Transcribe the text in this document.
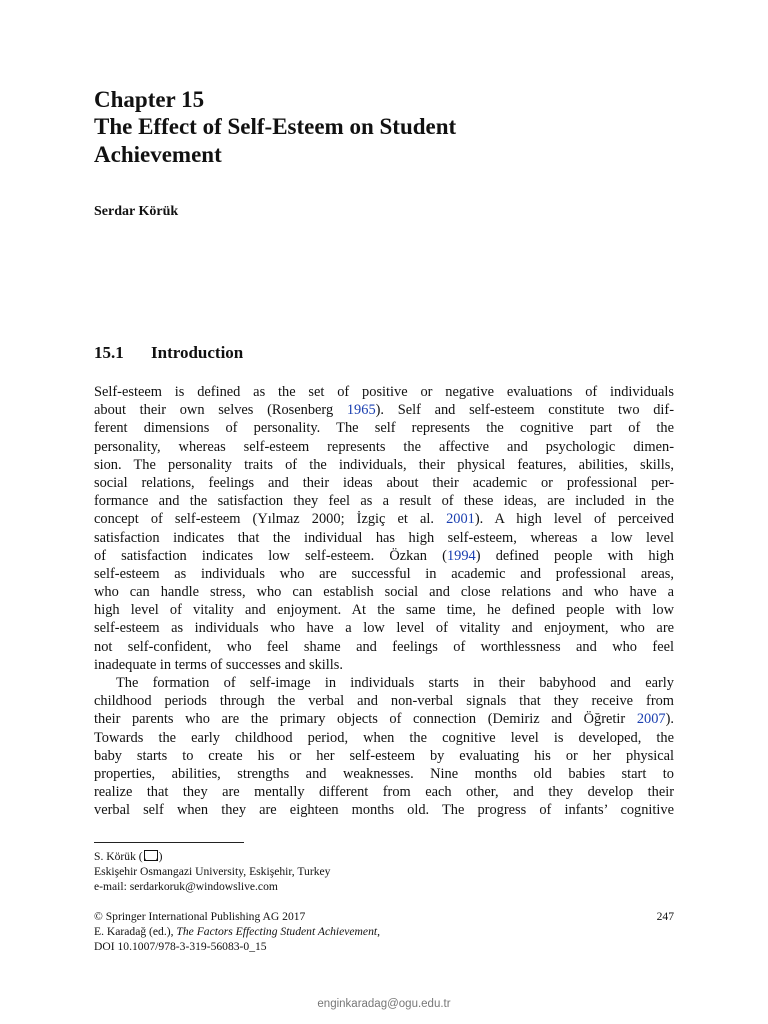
Chapter 15
The Effect of Self-Esteem on Student
Achievement
Serdar Körük
15.1 Introduction
Self-esteem is defined as the set of positive or negative evaluations of individuals
about their own selves (Rosenberg 1965). Self and self-esteem constitute two dif-
ferent dimensions of personality. The self represents the cognitive part of the
personality, whereas self-esteem represents the affective and psychologic dimen-
sion. The personality traits of the individuals, their physical features, abilities, skills,
social relations, feelings and their ideas about their academic or professional per-
formance and the satisfaction they feel as a result of these ideas, are included in the
concept of self-esteem (Yılmaz 2000; İzgiç et al. 2001). A high level of perceived
satisfaction indicates that the individual has high self-esteem, whereas a low level
of satisfaction indicates low self-esteem. Özkan (1994) defined people with high
self-esteem as individuals who are successful in academic and professional areas,
who can handle stress, who can establish social and close relations and who have a
high level of vitality and enjoyment. At the same time, he defined people with low
self-esteem as individuals who have a low level of vitality and enjoyment, who are
not self-confident, who feel shame and feelings of worthlessness and who feel
inadequate in terms of successes and skills.
The formation of self-image in individuals starts in their babyhood and early
childhood periods through the verbal and non-verbal signals that they receive from
their parents who are the primary objects of connection (Demiriz and Öğretir 2007).
Towards the early childhood period, when the cognitive level is developed, the
baby starts to create his or her self-esteem by evaluating his or her physical
properties, abilities, strengths and weaknesses. Nine months old babies start to
realize that they are mentally different from each other, and they develop their
verbal self when they are eighteen months old. The progress of infants’ cognitive
S. Körük ( )
Eskişehir Osmangazi University, Eskişehir, Turkey
e-mail: serdarkoruk@windowslive.com
© Springer International Publishing AG 2017
E. Karadağ (ed.), The Factors Effecting Student Achievement,
DOI 10.1007/978-3-319-56083-0_15
247
enginkaradag@ogu.edu.tr
